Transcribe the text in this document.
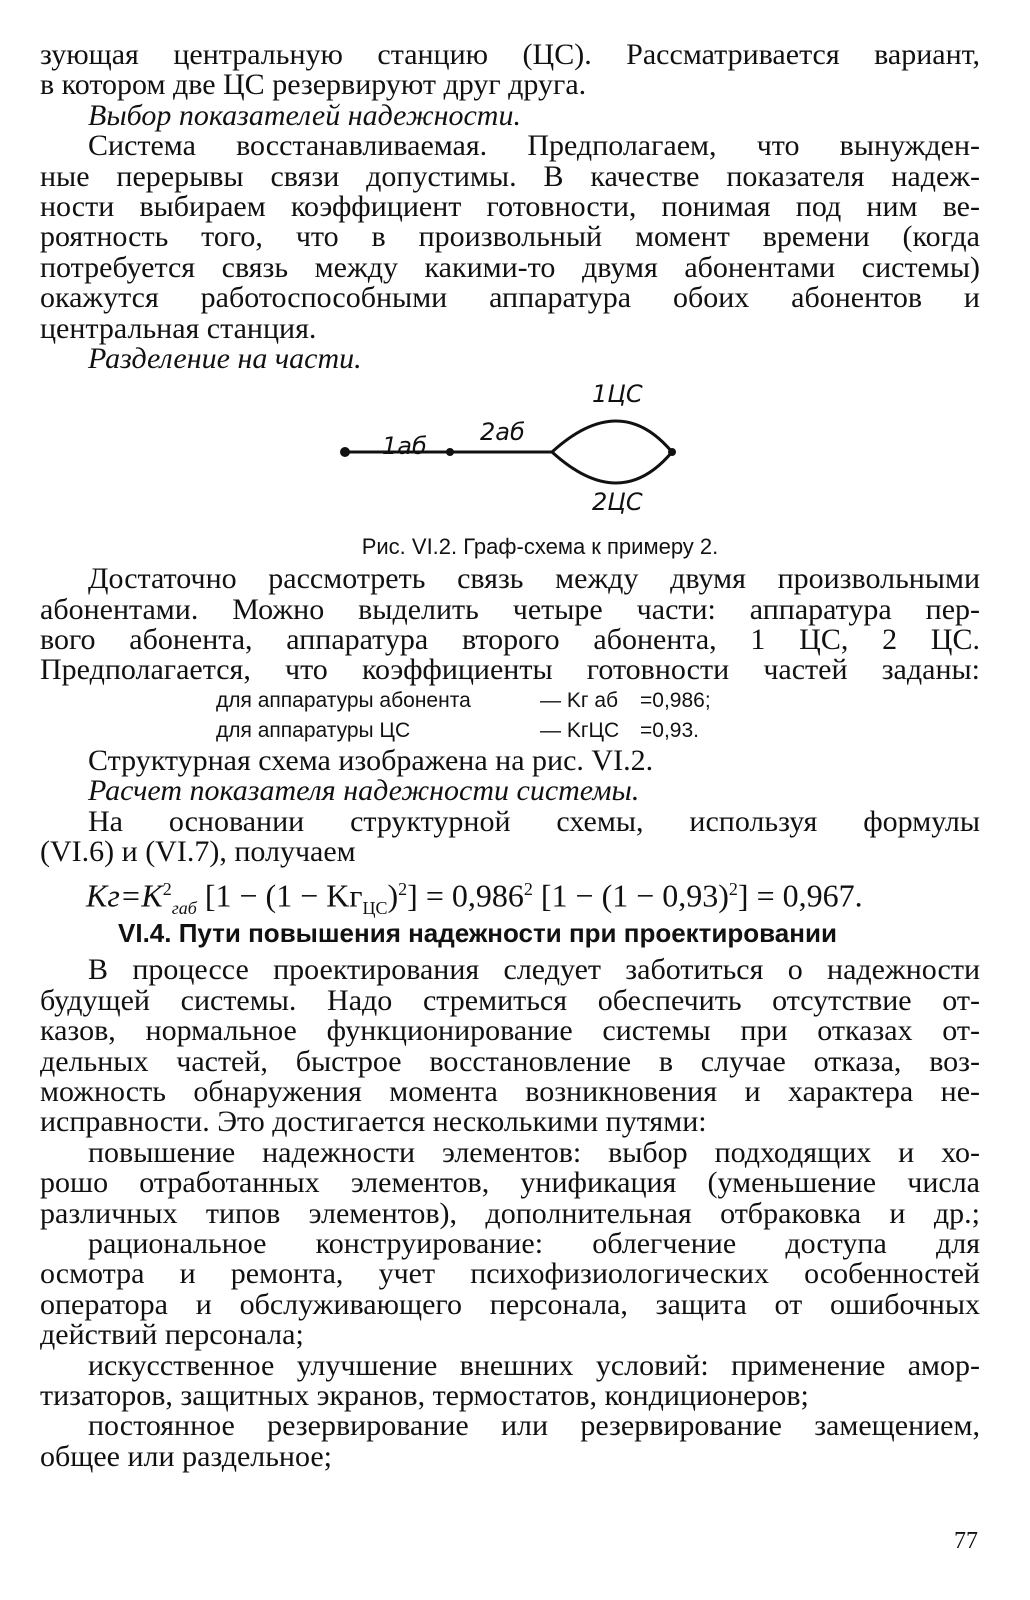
зующая центральную станцию (ЦС). Рассматривается вариант,
в котором две ЦС резервируют друг друга.
Выбор показателей надежности.
Система восстанавливаемая. Предполагаем, что вынужден-
ные перерывы связи допустимы. В качестве показателя надеж-
ности выбираем коэффициент готовности, понимая под ним ве-
роятность того, что в произвольный момент времени (когда
потребуется связь между какими-то двумя абонентами системы)
окажутся работоспособными аппаратура обоих абонентов и
центральная станция.
Разделение на части.
1аб 2аб
1ЦС
2ЦС
Рис. VI.2. Граф-схема к примеру 2.
Достаточно рассмотреть связь между двумя произвольными
абонентами. Можно выделить четыре части: аппаратура пер-
вого абонента, аппаратура второго абонента, 1 ЦС, 2 ЦС.
Предполагается, что коэффициенты готовности частей заданы:
для аппаратуры абонента	— Kг аб =0,986;
для аппаратуры ЦС	— KгЦС =0,93.
Структурная схема изображена на рис. VI.2.
Расчет показателя надежности системы.
На основании структурной схемы, используя формулы
(VI.6) и (VI.7), получаем
$Kг=K^2_{габ}$ $[1 - (1 - Kг_{ЦС})^2] = 0,986^2$ $[1 - (1 - 0,93)^2] = 0,967$.
VI.4. Пути повышения надежности при проектировании
В процессе проектирования следует заботиться о надежности
будущей системы. Надо стремиться обеспечить отсутствие от-
казов, нормальное функционирование системы при отказах от-
дельных частей, быстрое восстановление в случае отказа, воз-
можность обнаружения момента возникновения и характера не-
исправности. Это достигается несколькими путями:
повышение надежности элементов: выбор подходящих и хо-
рошо отработанных элементов, унификация (уменьшение числа
различных типов элементов), дополнительная отбраковка и др.;
рациональное конструирование: облегчение доступа для
осмотра и ремонта, учет психофизиологических особенностей
оператора и обслуживающего персонала, защита от ошибочных
действий персонала;
искусственное улучшение внешних условий: применение амор-
тизаторов, защитных экранов, термостатов, кондиционеров;
постоянное резервирование или резервирование замещением,
общее или раздельное;
77
